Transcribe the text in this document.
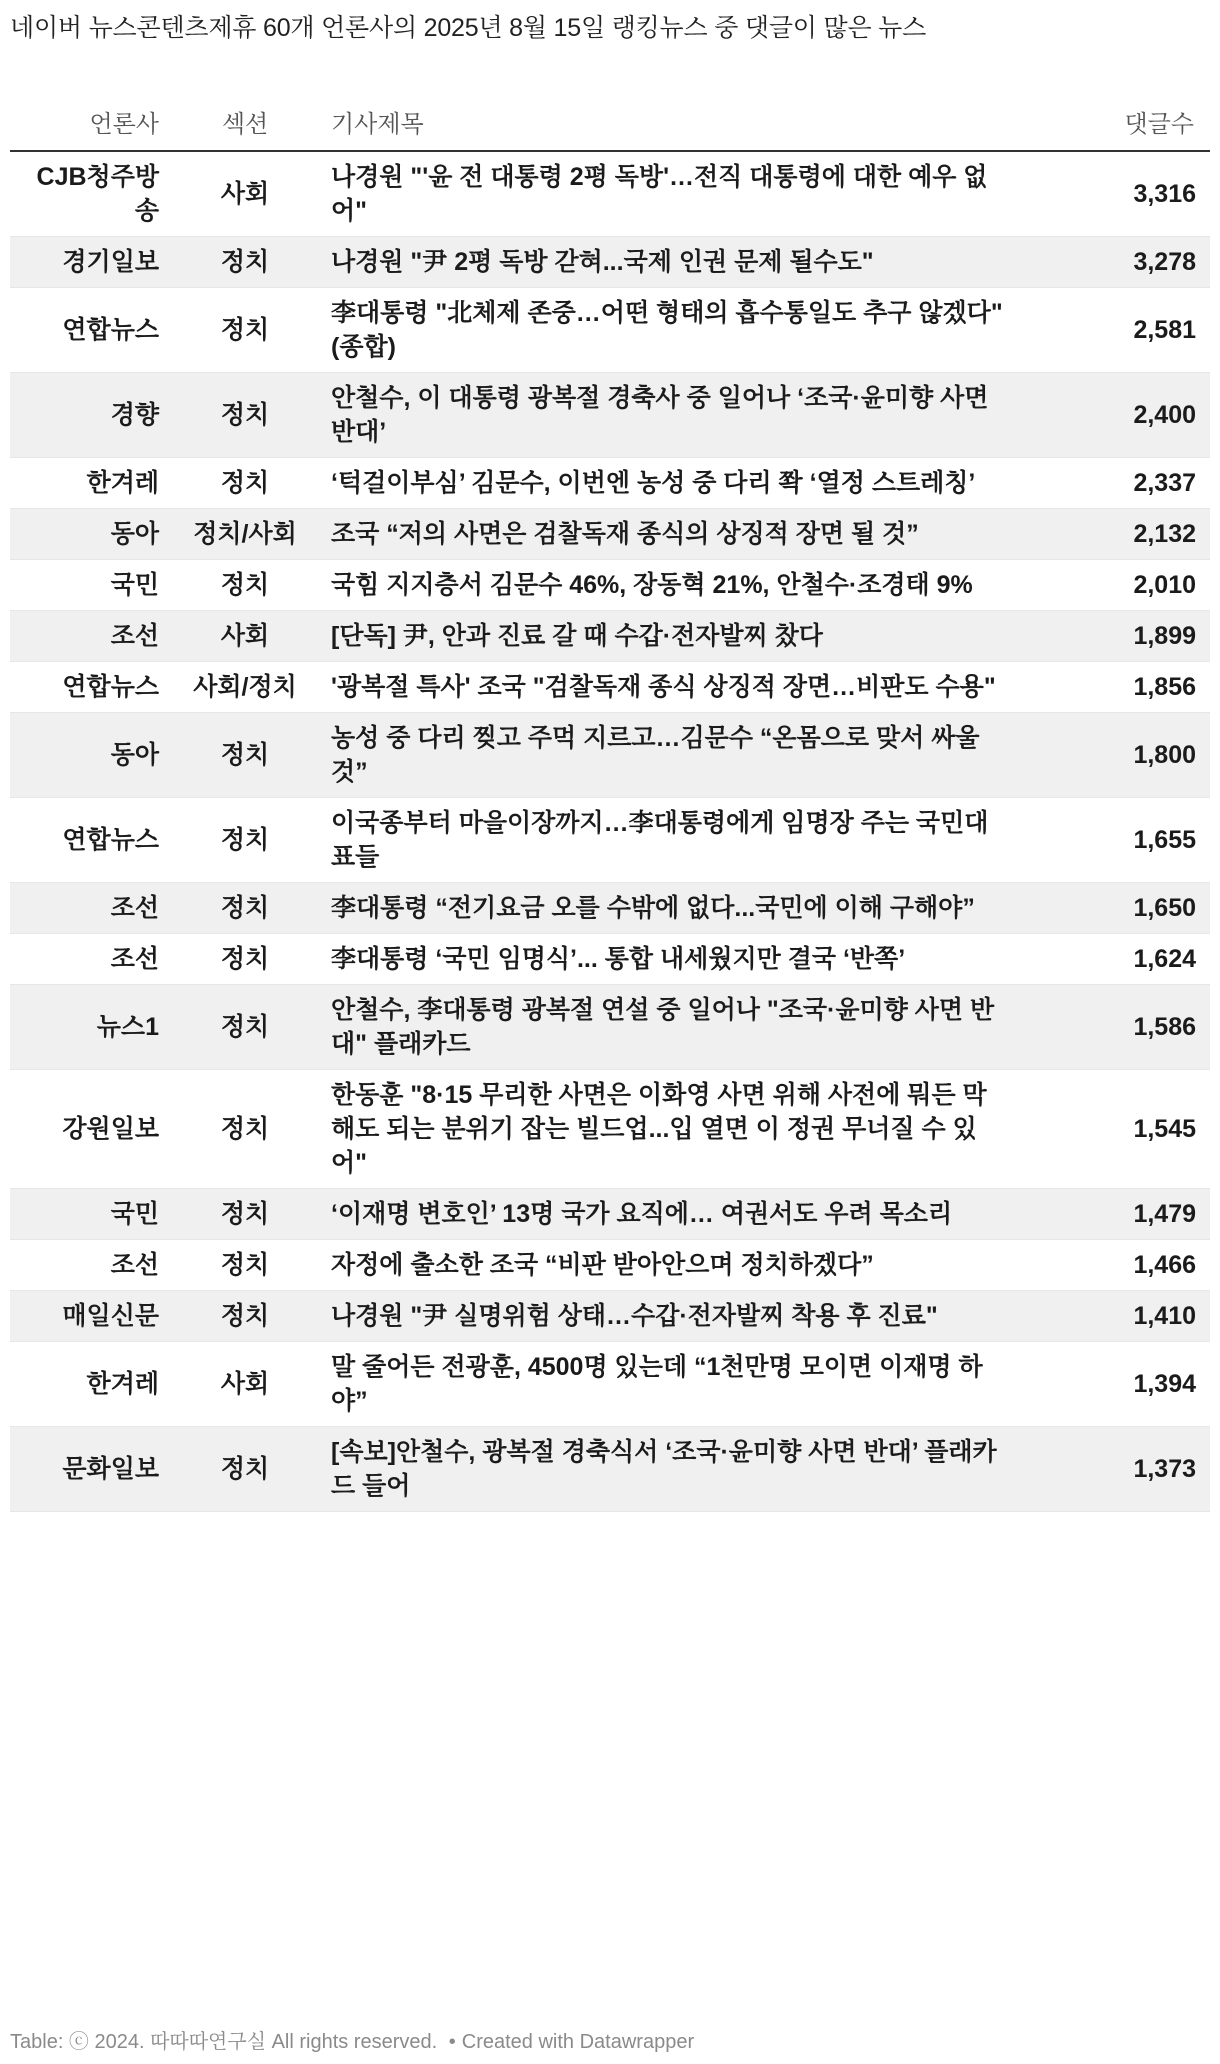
네이버 뉴스콘텐츠제휴 60개 언론사의 2025년 8월 15일 랭킹뉴스 중 댓글이 많은 뉴스
언론사	섹션	기사제목	댓글수
CJB청주방송	사회	나경원 "'윤 전 대통령 2평 독방'…전직 대통령에 대한 예우 없어"	3,316
경기일보	정치	나경원 "尹 2평 독방 갇혀...국제 인권 문제 될수도"	3,278
연합뉴스	정치	李대통령 "北체제 존중…어떤 형태의 흡수통일도 추구 않겠다"(종합)	2,581
경향	정치	안철수, 이 대통령 광복절 경축사 중 일어나 ‘조국·윤미향 사면 반대’	2,400
한겨레	정치	‘턱걸이부심’ 김문수, 이번엔 농성 중 다리 쫙 ‘열정 스트레칭’	2,337
동아	정치/사회	조국 “저의 사면은 검찰독재 종식의 상징적 장면 될 것”	2,132
국민	정치	국힘 지지층서 김문수 46%, 장동혁 21%, 안철수·조경태 9%	2,010
조선	사회	[단독] 尹, 안과 진료 갈 때 수갑·전자발찌 찼다	1,899
연합뉴스	사회/정치	'광복절 특사' 조국 "검찰독재 종식 상징적 장면…비판도 수용"	1,856
동아	정치	농성 중 다리 찢고 주먹 지르고…김문수 “온몸으로 맞서 싸울 것”	1,800
연합뉴스	정치	이국종부터 마을이장까지…李대통령에게 임명장 주는 국민대표들	1,655
조선	정치	李대통령 “전기요금 오를 수밖에 없다...국민에 이해 구해야”	1,650
조선	정치	李대통령 ‘국민 임명식’... 통합 내세웠지만 결국 ‘반쪽’	1,624
뉴스1	정치	안철수, 李대통령 광복절 연설 중 일어나 "조국·윤미향 사면 반대" 플래카드	1,586
강원일보	정치	한동훈 "8·15 무리한 사면은 이화영 사면 위해 사전에 뭐든 막해도 되는 분위기 잡는 빌드업...입 열면 이 정권 무너질 수 있어"	1,545
국민	정치	‘이재명 변호인’ 13명 국가 요직에… 여권서도 우려 목소리	1,479
조선	정치	자정에 출소한 조국 “비판 받아안으며 정치하겠다”	1,466
매일신문	정치	나경원 "尹 실명위험 상태…수갑·전자발찌 착용 후 진료"	1,410
한겨레	사회	말 줄어든 전광훈, 4500명 있는데 “1천만명 모이면 이재명 하야”	1,394
문화일보	정치	[속보]안철수, 광복절 경축식서 ‘조국·윤미향 사면 반대’ 플래카드 들어	1,373
Table: ⓒ 2024. 따따따연구실 All rights reserved. • Created with Datawrapper
